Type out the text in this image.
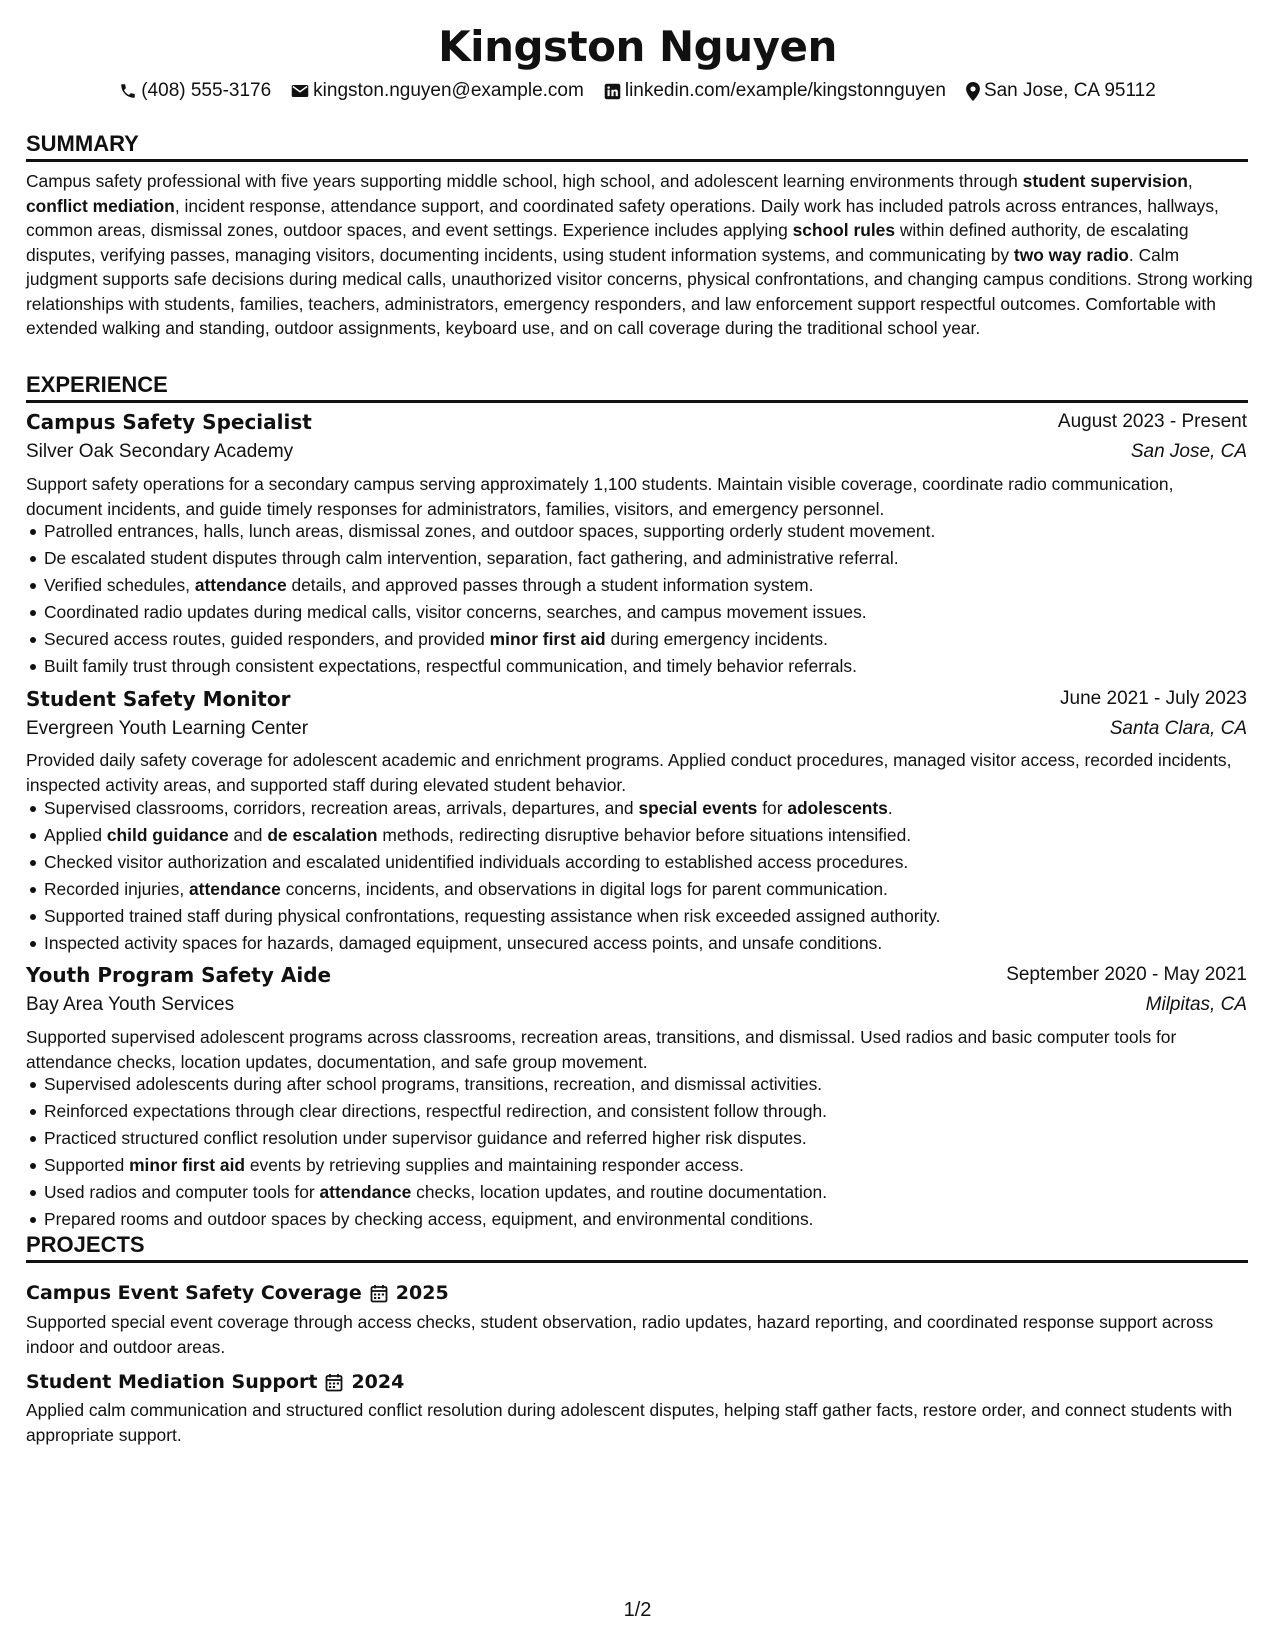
Kingston Nguyen
(408) 555-3176 kingston.nguyen@example.com linkedin.com/example/kingstonnguyen San Jose, CA 95112
SUMMARY

Campus safety professional with five years supporting middle school, high school, and adolescent learning environments through student supervision, conflict mediation, incident response, attendance support, and coordinated safety operations. Daily work has included patrols across entrances, hallways, common areas, dismissal zones, outdoor spaces, and event settings. Experience includes applying school rules within defined authority, de escalating disputes, verifying passes, managing visitors, documenting incidents, using student information systems, and communicating by two way radio. Calm judgment supports safe decisions during medical calls, unauthorized visitor concerns, physical confrontations, and changing campus conditions. Strong working relationships with students, families, teachers, administrators, emergency responders, and law enforcement support respectful outcomes. Comfortable with extended walking and standing, outdoor assignments, keyboard use, and on call coverage during the traditional school year.

EXPERIENCE
Campus Safety Specialist	August 2023 - Present
Silver Oak Secondary Academy	San Jose, CA

Support safety operations for a secondary campus serving approximately 1,100 students. Maintain visible coverage, coordinate radio communication, document incidents, and guide timely responses for administrators, families, visitors, and emergency personnel.

Patrolled entrances, halls, lunch areas, dismissal zones, and outdoor spaces, supporting orderly student movement.
De escalated student disputes through calm intervention, separation, fact gathering, and administrative referral.
Verified schedules, attendance details, and approved passes through a student information system.
Coordinated radio updates during medical calls, visitor concerns, searches, and campus movement issues.
Secured access routes, guided responders, and provided minor first aid during emergency incidents.
Built family trust through consistent expectations, respectful communication, and timely behavior referrals.
Student Safety Monitor	June 2021 - July 2023
Evergreen Youth Learning Center	Santa Clara, CA

Provided daily safety coverage for adolescent academic and enrichment programs. Applied conduct procedures, managed visitor access, recorded incidents, inspected activity areas, and supported staff during elevated student behavior.

Supervised classrooms, corridors, recreation areas, arrivals, departures, and special events for adolescents.
Applied child guidance and de escalation methods, redirecting disruptive behavior before situations intensified.
Checked visitor authorization and escalated unidentified individuals according to established access procedures.
Recorded injuries, attendance concerns, incidents, and observations in digital logs for parent communication.
Supported trained staff during physical confrontations, requesting assistance when risk exceeded assigned authority.
Inspected activity spaces for hazards, damaged equipment, unsecured access points, and unsafe conditions.
Youth Program Safety Aide	September 2020 - May 2021
Bay Area Youth Services	Milpitas, CA

Supported supervised adolescent programs across classrooms, recreation areas, transitions, and dismissal. Used radios and basic computer tools for attendance checks, location updates, documentation, and safe group movement.

Supervised adolescents during after school programs, transitions, recreation, and dismissal activities.
Reinforced expectations through clear directions, respectful redirection, and consistent follow through.
Practiced structured conflict resolution under supervisor guidance and referred higher risk disputes.
Supported minor first aid events by retrieving supplies and maintaining responder access.
Used radios and computer tools for attendance checks, location updates, and routine documentation.
Prepared rooms and outdoor spaces by checking access, equipment, and environmental conditions.
PROJECTS
Campus Event Safety Coverage 2025

Supported special event coverage through access checks, student observation, radio updates, hazard reporting, and coordinated response support across indoor and outdoor areas.

Student Mediation Support 2024

Applied calm communication and structured conflict resolution during adolescent disputes, helping staff gather facts, restore order, and connect students with appropriate support.

1/2
